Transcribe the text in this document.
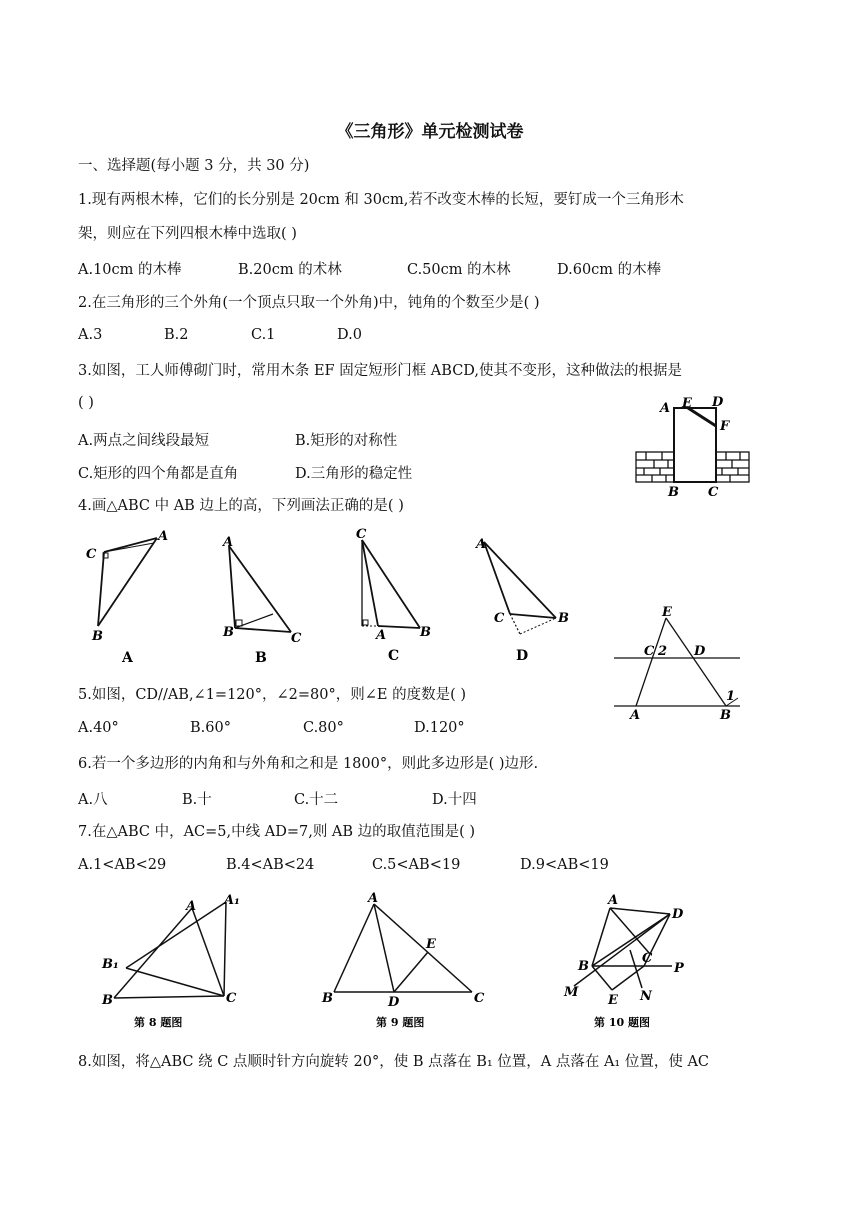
《三角形》单元检测试卷
一、选择题(每小题 3 分，共 30 分)
1.现有两根木棒，它们的长分别是 20cm 和 30cm,若不改变木棒的长短，要钉成一个三角形木
架，则应在下列四根木棒中选取( )
A.10cm 的木棒	B.20cm 的术林	C.50cm 的木林	D.60cm 的木棒
2.在三角形的三个外角(一个顶点只取一个外角)中，钝角的个数至少是( )
A.3	B.2	C.1	D.0
3.如图，工人师傅砌门时，常用木条 EF 固定短形门框 ABCD,使其不变形，这种做法的根据是
( )
A.两点之间线段最短	B.矩形的对称性
C.矩形的四个角都是直角	D.三角形的稳定性
A E D
F
B C
4.画△ABC 中 AB 边上的高，下列画法正确的是( )
C
A
B
A
A
B	C
B
C
A	B
C
A
C	B
D
E
C 2 D
1
A	B
5.如图，CD//AB,∠1=120°，∠2=80°，则∠E 的度数是( )
A.40°	B.60°	C.80°	D.120°
6.若一个多边形的内角和与外角和之和是 1800°，则此多边形是( )边形.
A.八	B.十	C.十二	D.十四
7.在△ABC 中，AC=5,中线 AD=7,则 AB 边的取值范围是( )
A.1<AB<29	B.4<AB<24	C.5<AB<19	D.9<AB<19
A A₁
B₁
B	C
第 8 题图
A
E
B	D	C
第 9 题图
A
D
B
C
P
M
E N
第 10 题图
8.如图，将△ABC 绕 C 点顺时针方向旋转 20°，使 B 点落在 B₁ 位置，A 点落在 A₁ 位置，使 AC
